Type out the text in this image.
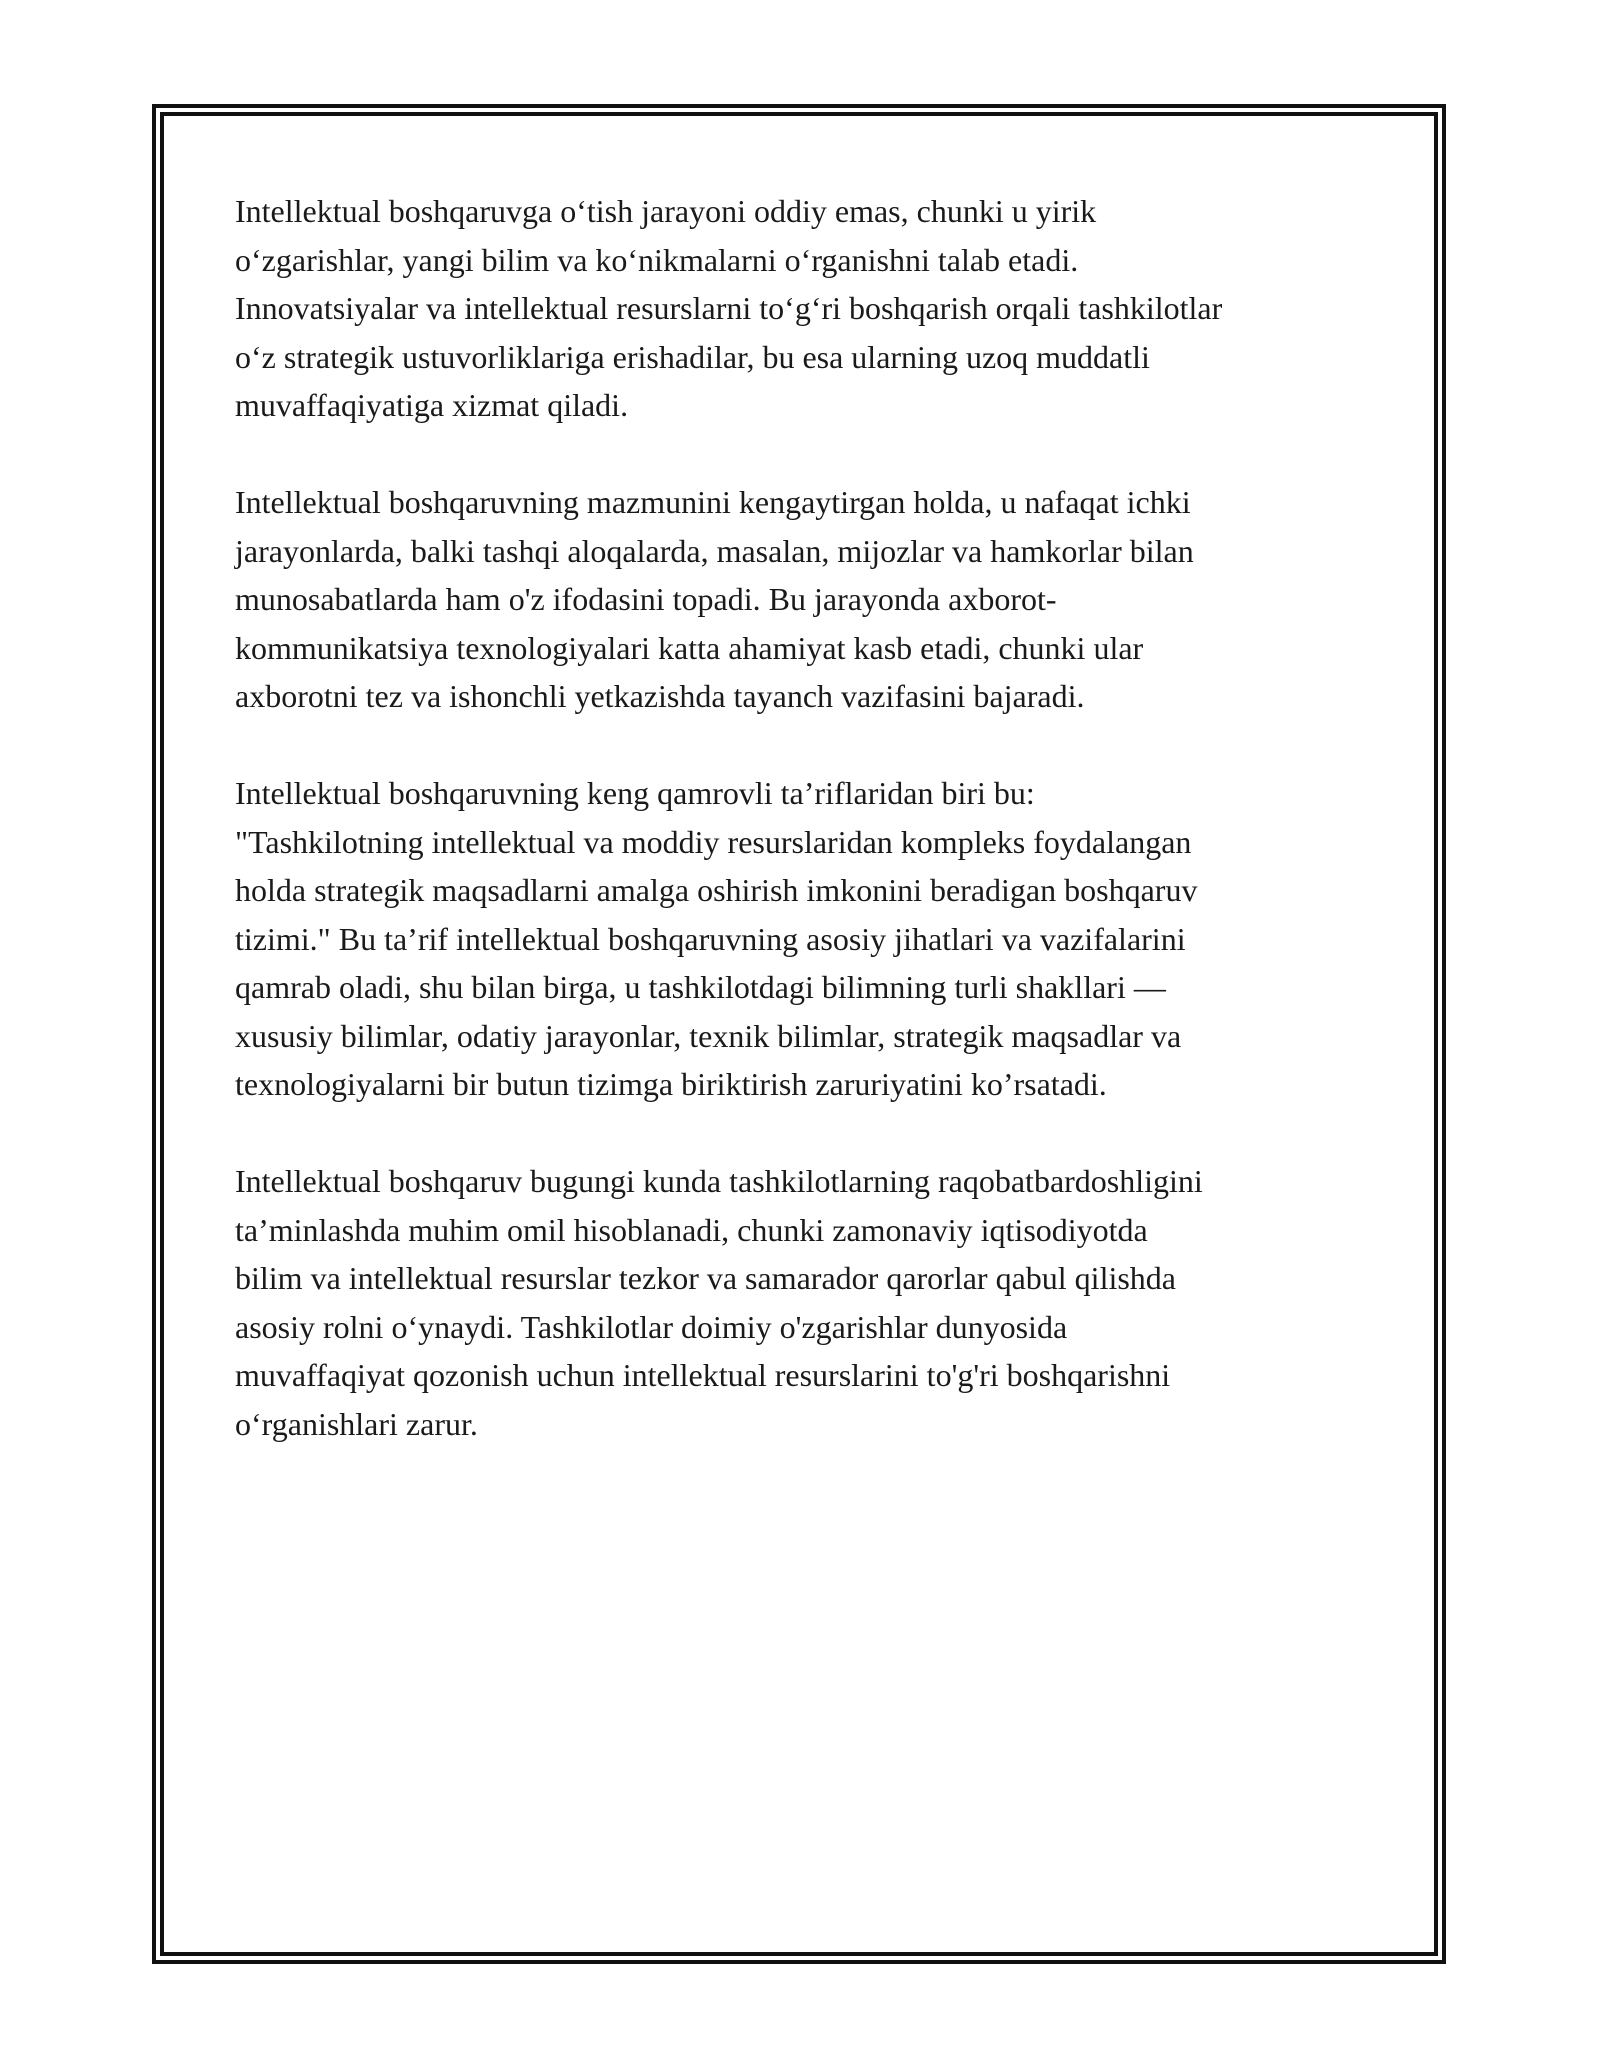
Intellektual boshqaruvga o‘tish jarayoni oddiy emas, chunki u yirik
o‘zgarishlar, yangi bilim va ko‘nikmalarni o‘rganishni talab etadi.
Innovatsiyalar va intellektual resurslarni to‘g‘ri boshqarish orqali tashkilotlar
o‘z strategik ustuvorliklariga erishadilar, bu esa ularning uzoq muddatli
muvaffaqiyatiga xizmat qiladi.
Intellektual boshqaruvning mazmunini kengaytirgan holda, u nafaqat ichki
jarayonlarda, balki tashqi aloqalarda, masalan, mijozlar va hamkorlar bilan
munosabatlarda ham o'z ifodasini topadi. Bu jarayonda axborot-
kommunikatsiya texnologiyalari katta ahamiyat kasb etadi, chunki ular
axborotni tez va ishonchli yetkazishda tayanch vazifasini bajaradi.
Intellektual boshqaruvning keng qamrovli ta’riflaridan biri bu:
"Tashkilotning intellektual va moddiy resurslaridan kompleks foydalangan
holda strategik maqsadlarni amalga oshirish imkonini beradigan boshqaruv
tizimi." Bu ta’rif intellektual boshqaruvning asosiy jihatlari va vazifalarini
qamrab oladi, shu bilan birga, u tashkilotdagi bilimning turli shakllari —
xususiy bilimlar, odatiy jarayonlar, texnik bilimlar, strategik maqsadlar va
texnologiyalarni bir butun tizimga biriktirish zaruriyatini ko’rsatadi.
Intellektual boshqaruv bugungi kunda tashkilotlarning raqobatbardoshligini
ta’minlashda muhim omil hisoblanadi, chunki zamonaviy iqtisodiyotda
bilim va intellektual resurslar tezkor va samarador qarorlar qabul qilishda
asosiy rolni o‘ynaydi. Tashkilotlar doimiy o'zgarishlar dunyosida
muvaffaqiyat qozonish uchun intellektual resurslarini to'g'ri boshqarishni
o‘rganishlari zarur.
